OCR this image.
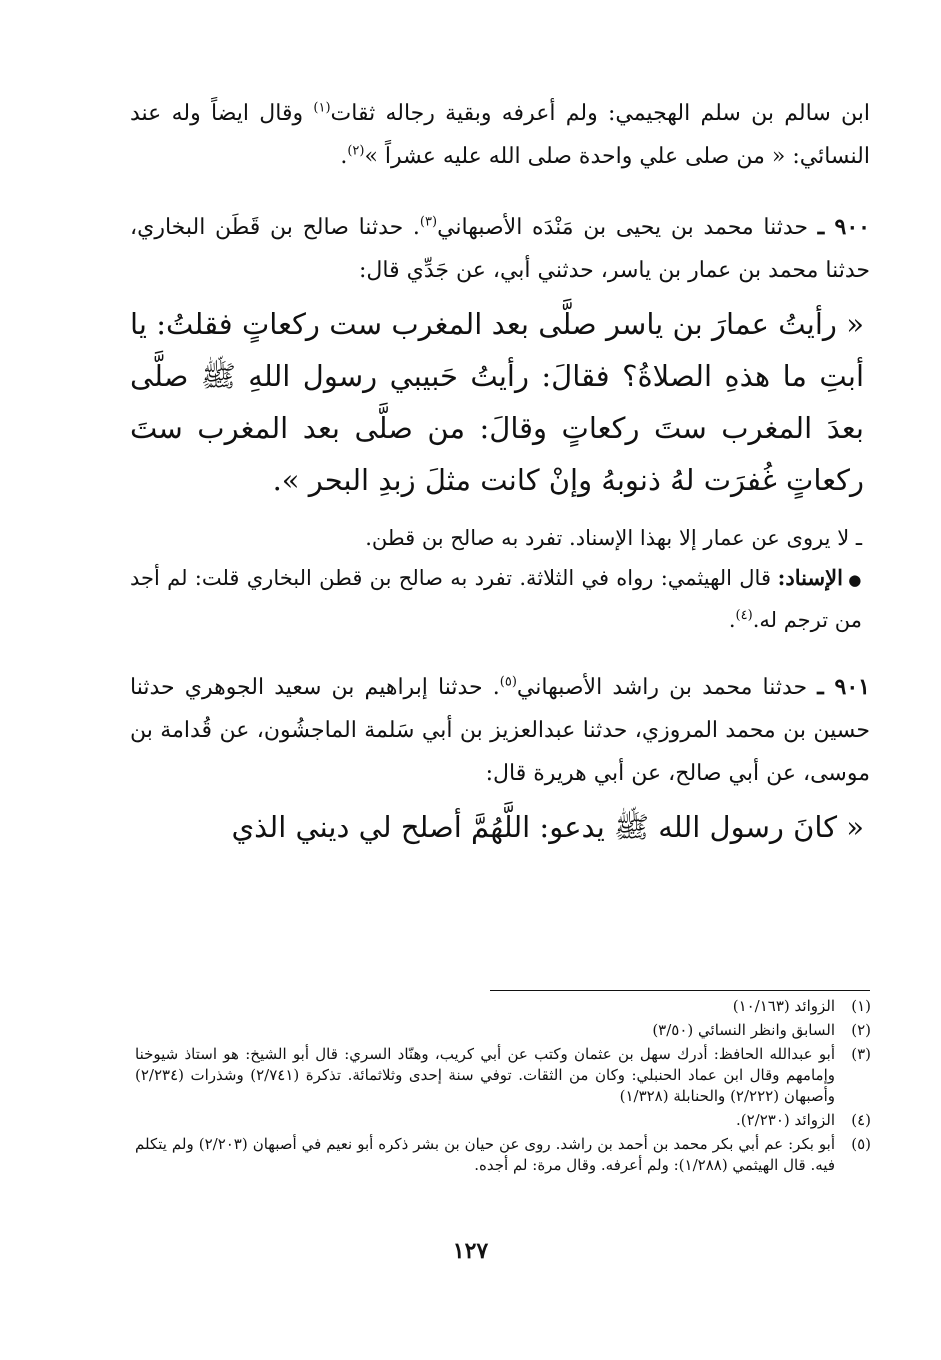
ابن سالم بن سلم الهجيمي: ولم أعرفه وبقية رجاله ثقات$^{(١)}$ وقال ايضاً وله عند النسائي: « من صلى علي واحدة صلى الله عليه عشراً »$^{(٢)}$.

٩٠٠ ـ حدثنا محمد بن يحيى بن مَنْدَه الأصبهاني$^{(٣)}$. حدثنا صالح بن قَطَن البخاري، حدثنا محمد بن عمار بن ياسر، حدثني أبي، عن جَدِّي قال:

« رأيتُ عمارَ بن ياسر صلَّى بعد المغرب ست ركعاتٍ فقلتُ: يا أبتِ ما هذهِ الصلاةُ؟ فقالَ: رأيتُ حَبيبي رسول اللهِ ﷺ صلَّى بعدَ المغرب ستَ ركعاتٍ وقالَ: من صلَّى بعد المغرب ستَ ركعاتٍ غُفرَت لهُ ذنوبهُ وإنْ كانت مثلَ زبدِ البحر ».

ـ لا يروى عن عمار إلا بهذا الإسناد. تفرد به صالح بن قطن.

● الإسناد: قال الهيثمي: رواه في الثلاثة. تفرد به صالح بن قطن البخاري قلت: لم أجد من ترجم له.$^{(٤)}$.

٩٠١ ـ حدثنا محمد بن راشد الأصبهاني$^{(٥)}$. حدثنا إبراهيم بن سعيد الجوهري حدثنا حسين بن محمد المروزي، حدثنا عبدالعزيز بن أبي سَلمة الماجشُون، عن قُدامة بن موسى، عن أبي صالح، عن أبي هريرة قال:

« كانَ رسول الله ﷺ يدعو: اللَّهُمَّ أصلح لي ديني الذي

(١)
الزوائد (١٠/١٦٣)
(٢)
السابق وانظر النسائي (٣/٥٠)
(٣)
أبو عبدالله الحافظ: أدرك سهل بن عثمان وكتب عن أبي كريب، وهنّاد السري: قال أبو الشيخ: هو استاذ شيوخنا وإمامهم وقال ابن عماد الحنبلي: وكان من الثقات. توفي سنة إحدى وثلاثمائة. تذكرة (٢/٧٤١) وشذرات (٢/٢٣٤) وأصبهان (٢/٢٢٢) والحنابلة (١/٣٢٨)
(٤)
الزوائد (٢/٢٣٠).
(٥)
أبو بكر: عم أبي بكر محمد بن أحمد بن راشد. روى عن حيان بن بشر ذكره أبو نعيم في أصبهان (٢/٢٠٣) ولم يتكلم فيه. قال الهيثمي (١/٢٨٨): ولم أعرفه. وقال مرة: لم أجده.
١٢٧
